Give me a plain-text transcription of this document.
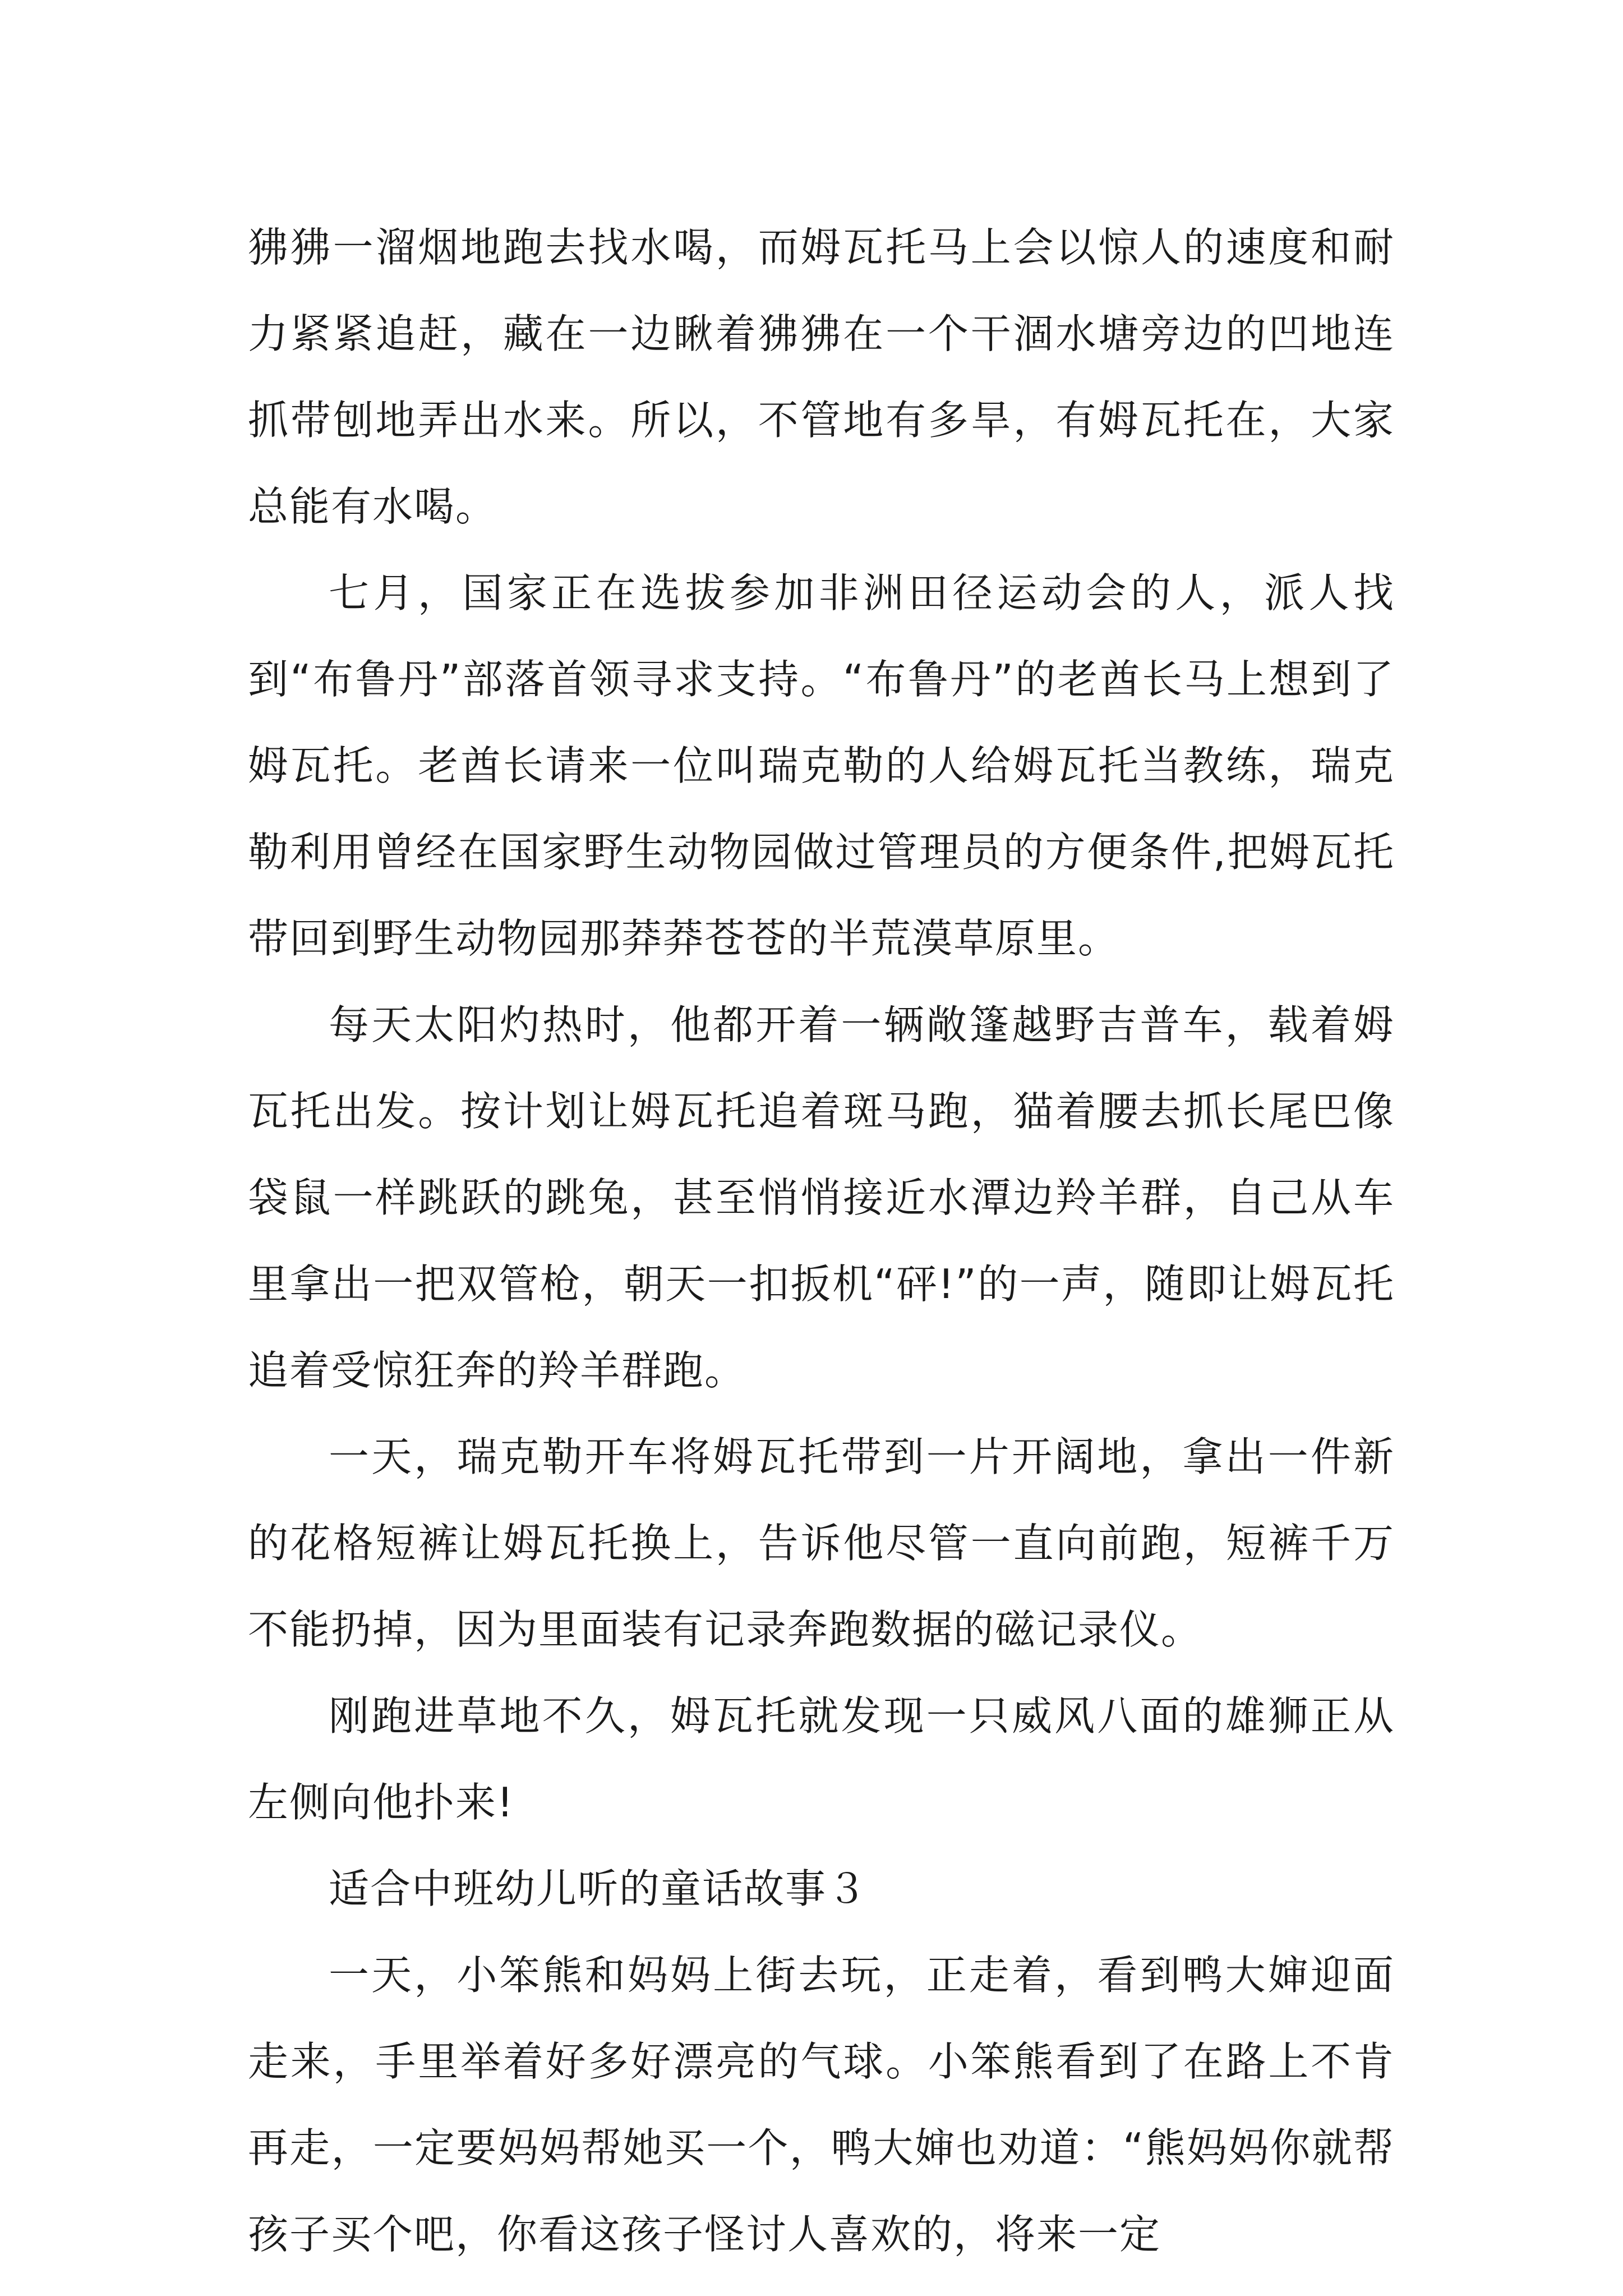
狒狒一溜烟地跑去找水喝，而姆瓦托马上会以惊人的速度和耐力紧紧追赶，藏在一边瞅着狒狒在一个干涸水塘旁边的凹地连抓带刨地弄出水来。所以，不管地有多旱，有姆瓦托在，大家总能有水喝。

七月，国家正在选拔参加非洲田径运动会的人，派人找到“布鲁丹”部落首领寻求支持。“布鲁丹”的老酋长马上想到了姆瓦托。老酋长请来一位叫瑞克勒的人给姆瓦托当教练，瑞克勒利用曾经在国家野生动物园做过管理员的方便条件,把姆瓦托带回到野生动物园那莽莽苍苍的半荒漠草原里。

每天太阳灼热时，他都开着一辆敞篷越野吉普车，载着姆瓦托出发。按计划让姆瓦托追着斑马跑，猫着腰去抓长尾巴像袋鼠一样跳跃的跳兔，甚至悄悄接近水潭边羚羊群，自己从车里拿出一把双管枪，朝天一扣扳机“砰!”的一声，随即让姆瓦托追着受惊狂奔的羚羊群跑。

一天，瑞克勒开车将姆瓦托带到一片开阔地，拿出一件新的花格短裤让姆瓦托换上，告诉他尽管一直向前跑，短裤千万不能扔掉，因为里面装有记录奔跑数据的磁记录仪。

刚跑进草地不久，姆瓦托就发现一只威风八面的雄狮正从左侧向他扑来!

适合中班幼儿听的童话故事３

一天，小笨熊和妈妈上街去玩，正走着，看到鸭大婶迎面走来，手里举着好多好漂亮的气球。小笨熊看到了在路上不肯再走，一定要妈妈帮她买一个，鸭大婶也劝道：“熊妈妈你就帮孩子买个吧，你看这孩子怪讨人喜欢的，将来一定
